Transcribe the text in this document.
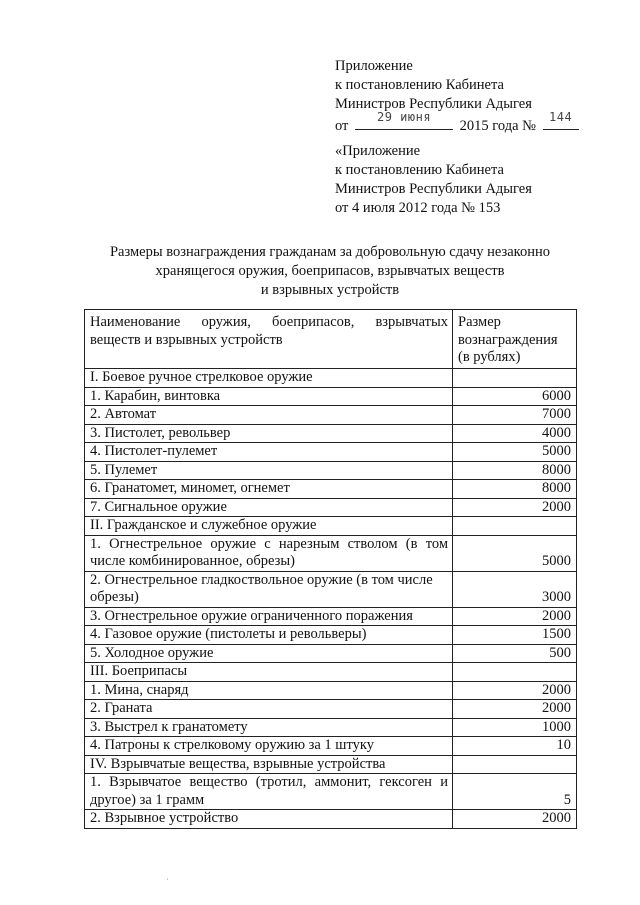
Приложение
к постановлению Кабинета
Министров Республики Адыгея
от
29 июня
2015 года №
144
«Приложение
к постановлению Кабинета
Министров Республики Адыгея
от 4 июля 2012 года № 153
Размеры вознаграждения гражданам за добровольную сдачу незаконно
хранящегося оружия, боеприпасов, взрывчатых веществ
и взрывных устройств
Наименование оружия, боеприпасов, взрывчатых веществ и взрывных устройств	Размер вознаграждения (в рублях)
I. Боевое ручное стрелковое оружие	
1. Карабин, винтовка	6000
2. Автомат	7000
3. Пистолет, револьвер	4000
4. Пистолет-пулемет	5000
5. Пулемет	8000
6. Гранатомет, миномет, огнемет	8000
7. Сигнальное оружие	2000
II. Гражданское и служебное оружие	
1. Огнестрельное оружие с нарезным стволом (в том числе комбинированное, обрезы)	5000
2. Огнестрельное гладкоствольное оружие (в том числе обрезы)	3000
3. Огнестрельное оружие ограниченного поражения	2000
4. Газовое оружие (пистолеты и револьверы)	1500
5. Холодное оружие	500
III. Боеприпасы	
1. Мина, снаряд	2000
2. Граната	2000
3. Выстрел к гранатомету	1000
4. Патроны к стрелковому оружию за 1 штуку	10
IV. Взрывчатые вещества, взрывные устройства	
1. Взрывчатое вещество (тротил, аммонит, гексоген и другое) за 1 грамм	5
2. Взрывное устройство	2000
ˌ
